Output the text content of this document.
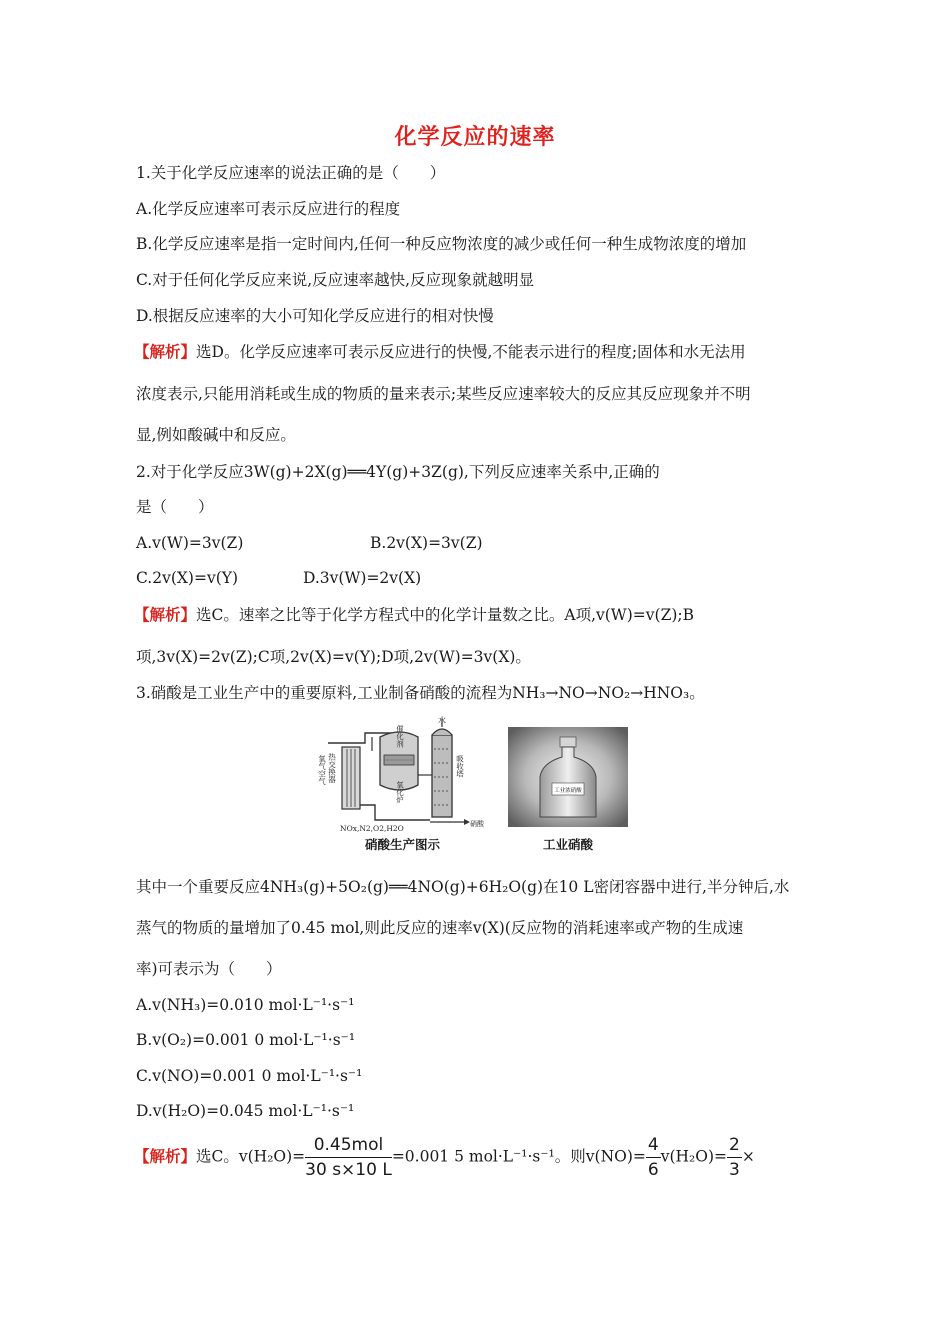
化学反应的速率
1.关于化学反应速率的说法正确的是（　　）
A.化学反应速率可表示反应进行的程度
B.化学反应速率是指一定时间内,任何一种反应物浓度的减少或任何一种生成物浓度的增加
C.对于任何化学反应来说,反应速率越快,反应现象就越明显
D.根据反应速率的大小可知化学反应进行的相对快慢
【解析】选D。化学反应速率可表示反应进行的快慢,不能表示进行的程度;固体和水无法用
浓度表示,只能用消耗或生成的物质的量来表示;某些反应速率较大的反应其反应现象并不明
显,例如酸碱中和反应。
2.对于化学反应3W(g)+2X(g)══4Y(g)+3Z(g),下列反应速率关系中,正确的
是（　　）
A.v(W)=3v(Z)	B.2v(X)=3v(Z)
C.2v(X)=v(Y)	D.3v(W)=2v(X)
【解析】选C。速率之比等于化学方程式中的化学计量数之比。A项,v(W)=v(Z);B
项,3v(X)=2v(Z);C项,2v(X)=v(Y);D项,2v(W)=3v(X)。
3.硝酸是工业生产中的重要原料,工业制备硝酸的流程为NH₃→NO→NO₂→HNO₃。
水
氧气空气 热交换器
催化剂
氧化炉
吸收塔
NOx,N2,O2,H2O	硝酸
硝酸生产图示
工业浓硝酸
工业硝酸
其中一个重要反应4NH₃(g)+5O₂(g)══4NO(g)+6H₂O(g)在10 L密闭容器中进行,半分钟后,水
蒸气的物质的量增加了0.45 mol,则此反应的速率v(X)(反应物的消耗速率或产物的生成速
率)可表示为（　　）
A.v(NH₃)=0.010 mol·L⁻¹·s⁻¹
B.v(O₂)=0.001 0 mol·L⁻¹·s⁻¹
C.v(NO)=0.001 0 mol·L⁻¹·s⁻¹
D.v(H₂O)=0.045 mol·L⁻¹·s⁻¹
【解析】选C。$v(H_2O)= \frac{\text{0.45mol}}{30 s\times 10 L} =0.001$ 5 mol·L⁻¹·s⁻¹。则$v(NO)= \frac{4}{6} v(H_2O)= \frac{2}{3}$ ×
